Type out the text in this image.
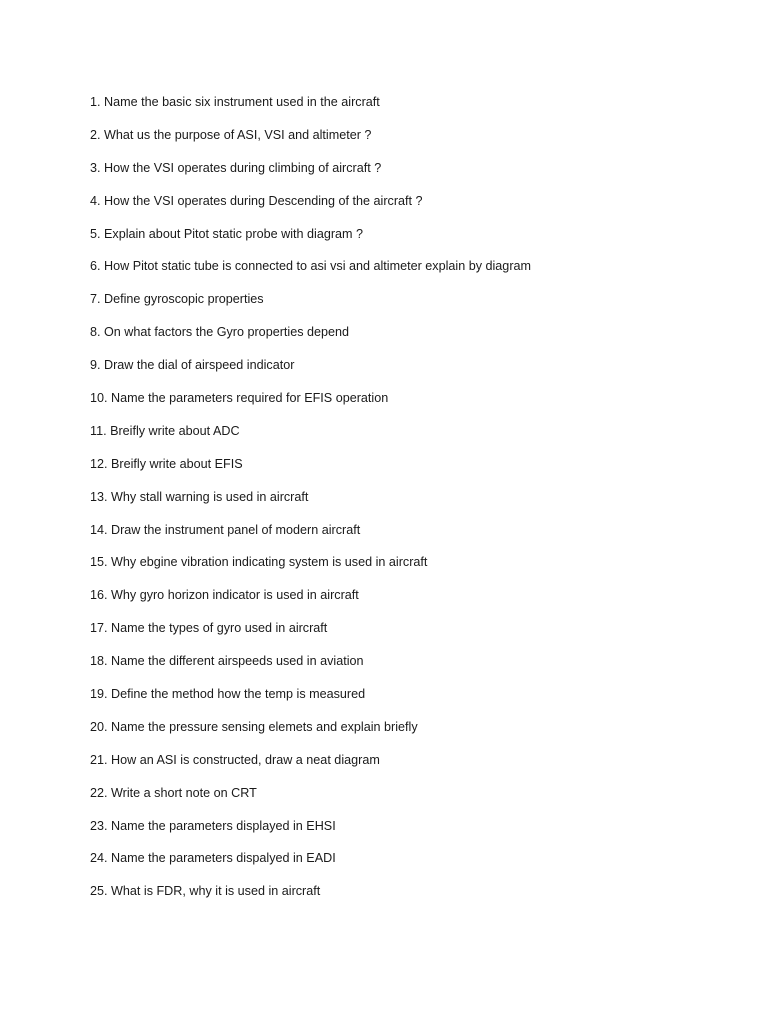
1. Name the basic six instrument used in the aircraft
2. What us the purpose of ASI, VSI and altimeter ?
3. How the VSI operates during climbing of aircraft ?
4. How the VSI operates during Descending of the aircraft ?
5. Explain about Pitot static probe with diagram ?
6. How Pitot static tube is connected to asi vsi and altimeter explain by diagram
7. Define gyroscopic properties
8. On what factors the Gyro properties depend
9. Draw the dial of airspeed indicator
10. Name the parameters required for EFIS operation
11. Breifly write about ADC
12. Breifly write about EFIS
13. Why stall warning is used in aircraft
14. Draw the instrument panel of modern aircraft
15. Why ebgine vibration indicating system is used in aircraft
16. Why gyro horizon indicator is used in aircraft
17. Name the types of gyro used in aircraft
18. Name the different airspeeds used in aviation
19. Define the method how the temp is measured
20. Name the pressure sensing elemets and explain briefly
21. How an ASI is constructed, draw a neat diagram
22. Write a short note on CRT
23. Name the parameters displayed in EHSI
24. Name the parameters dispalyed in EADI
25. What is FDR, why it is used in aircraft
